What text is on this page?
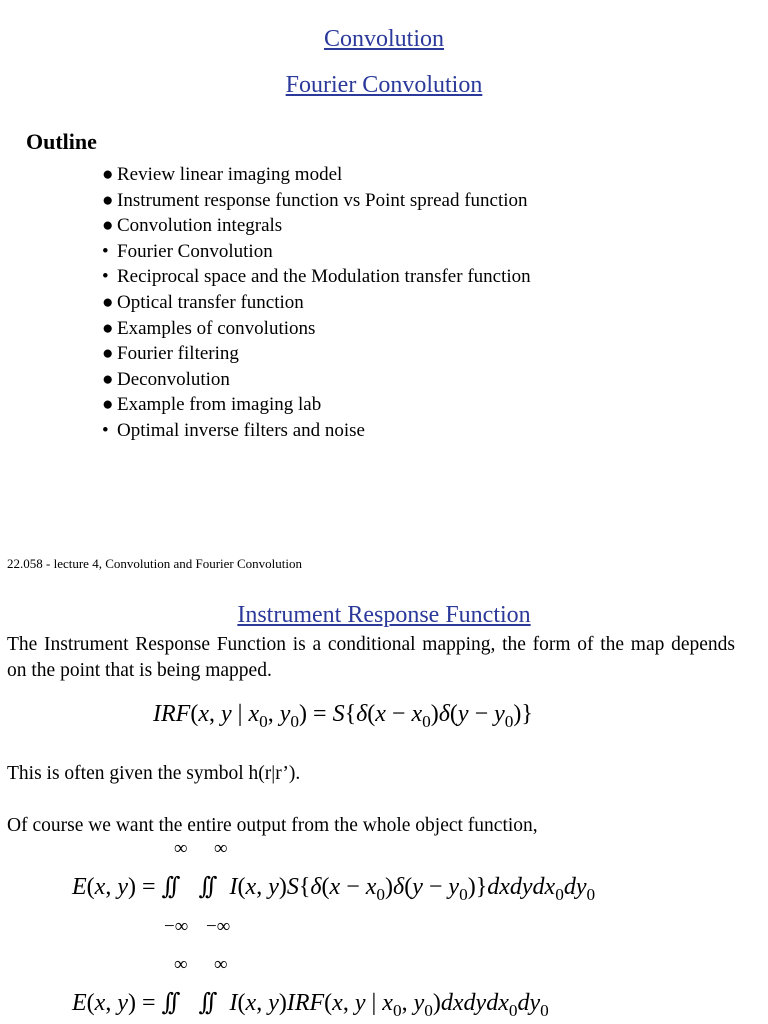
Convolution
Fourier Convolution
Outline
● Review linear imaging model
● Instrument response function vs Point spread function
● Convolution integrals
• Fourier Convolution
• Reciprocal space and the Modulation transfer function
● Optical transfer function
● Examples of convolutions
● Fourier filtering
● Deconvolution
● Example from imaging lab
• Optimal inverse filters and noise
22.058 - lecture 4, Convolution and Fourier Convolution
Instrument Response Function
The Instrument Response Function is a conditional mapping, the form of the map depends on the point that is being mapped.
IRF(x, y | $x_0$, $y_0) = S\{\delta(x - x_0)\delta(y - y_0)\}$
This is often given the symbol h(r|r’).
Of course we want the entire output from the whole object function,
∞ ∞
E(x, y) = ∫∫ ∫∫ I(x, $y)S\{\delta(x - x_0)\delta(y$ − $y_0)\}dxdydx_0dy_0$
−∞ −∞
∞ ∞
E(x, y) = ∫∫ ∫∫ I(x, y)IRF(x, y | $x_0$, $y_0)dxdydx_0dy_0$
